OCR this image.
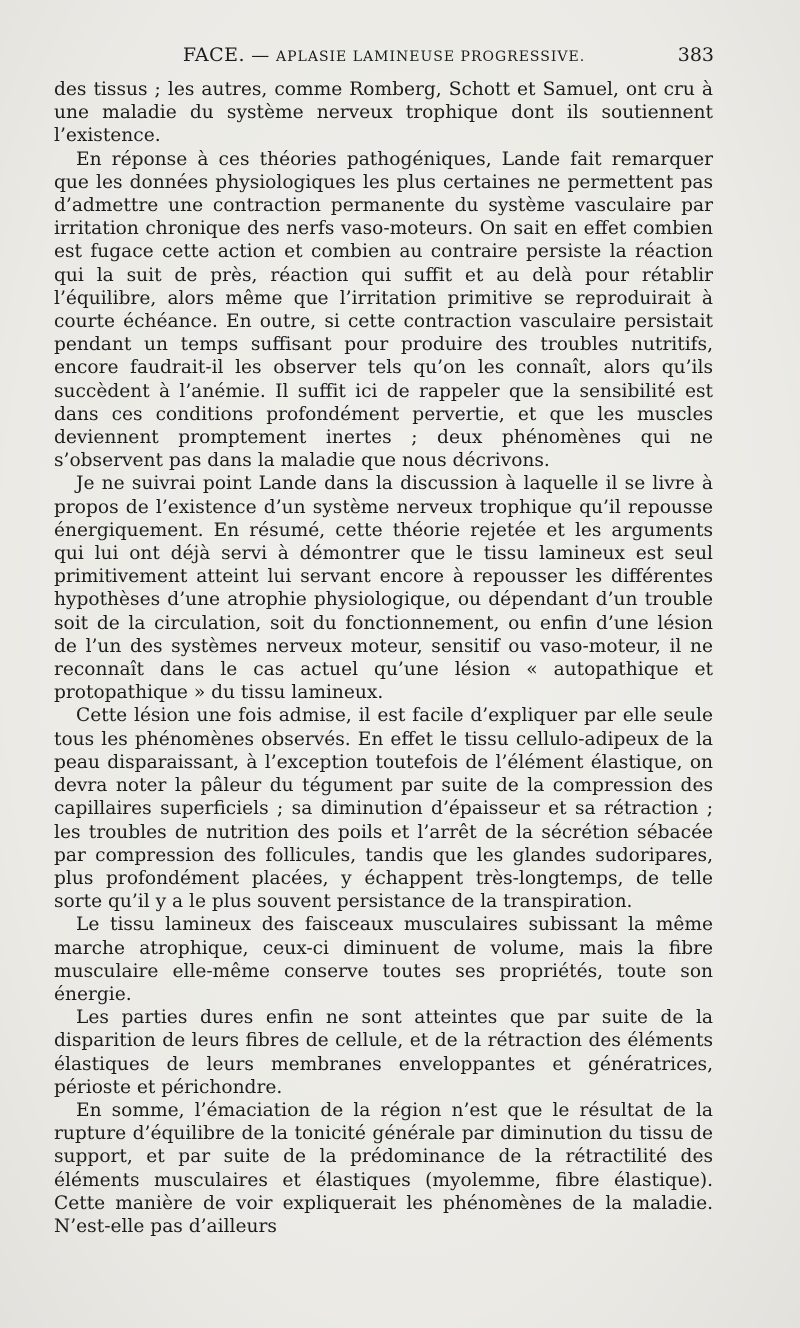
FACE. — APLASIE LAMINEUSE PROGRESSIVE.	383

des tissus ; les autres, comme Romberg, Schott et Samuel, ont cru à une maladie du système nerveux trophique dont ils soutiennent l’existence.

En réponse à ces théories pathogéniques, Lande fait remarquer que les données physiologiques les plus certaines ne permettent pas d’admettre une contraction permanente du système vasculaire par irritation chronique des nerfs vaso-moteurs. On sait en effet combien est fugace cette action et combien au contraire persiste la réaction qui la suit de près, réaction qui suffit et au delà pour rétablir l’équilibre, alors même que l’irritation primitive se reproduirait à courte échéance. En outre, si cette contraction vasculaire persistait pendant un temps suffisant pour produire des troubles nutritifs, encore faudrait-il les observer tels qu’on les connaît, alors qu’ils succèdent à l’anémie. Il suffit ici de rappeler que la sensibilité est dans ces conditions profondément pervertie, et que les muscles deviennent promptement inertes ; deux phénomènes qui ne s’observent pas dans la maladie que nous décrivons.

Je ne suivrai point Lande dans la discussion à laquelle il se livre à propos de l’existence d’un système nerveux trophique qu’il repousse énergiquement. En résumé, cette théorie rejetée et les arguments qui lui ont déjà servi à démontrer que le tissu lamineux est seul primitivement atteint lui servant encore à repousser les différentes hypothèses d’une atrophie physiologique, ou dépendant d’un trouble soit de la circulation, soit du fonctionnement, ou enfin d’une lésion de l’un des systèmes nerveux moteur, sensitif ou vaso-moteur, il ne reconnaît dans le cas actuel qu’une lésion « autopathique et protopathique » du tissu lamineux.

Cette lésion une fois admise, il est facile d’expliquer par elle seule tous les phénomènes observés. En effet le tissu cellulo-adipeux de la peau disparaissant, à l’exception toutefois de l’élément élastique, on devra noter la pâleur du tégument par suite de la compression des capillaires superficiels ; sa diminution d’épaisseur et sa rétraction ; les troubles de nutrition des poils et l’arrêt de la sécrétion sébacée par compression des follicules, tandis que les glandes sudoripares, plus profondément placées, y échappent très-longtemps, de telle sorte qu’il y a le plus souvent persistance de la transpiration.

Le tissu lamineux des faisceaux musculaires subissant la même marche atrophique, ceux-ci diminuent de volume, mais la fibre musculaire elle-même conserve toutes ses propriétés, toute son énergie.

Les parties dures enfin ne sont atteintes que par suite de la disparition de leurs fibres de cellule, et de la rétraction des éléments élastiques de leurs membranes enveloppantes et génératrices, périoste et périchondre.

En somme, l’émaciation de la région n’est que le résultat de la rupture d’équilibre de la tonicité générale par diminution du tissu de support, et par suite de la prédominance de la rétractilité des éléments musculaires et élastiques (myolemme, fibre élastique). Cette manière de voir expliquerait les phénomènes de la maladie. N’est-elle pas d’ailleurs
